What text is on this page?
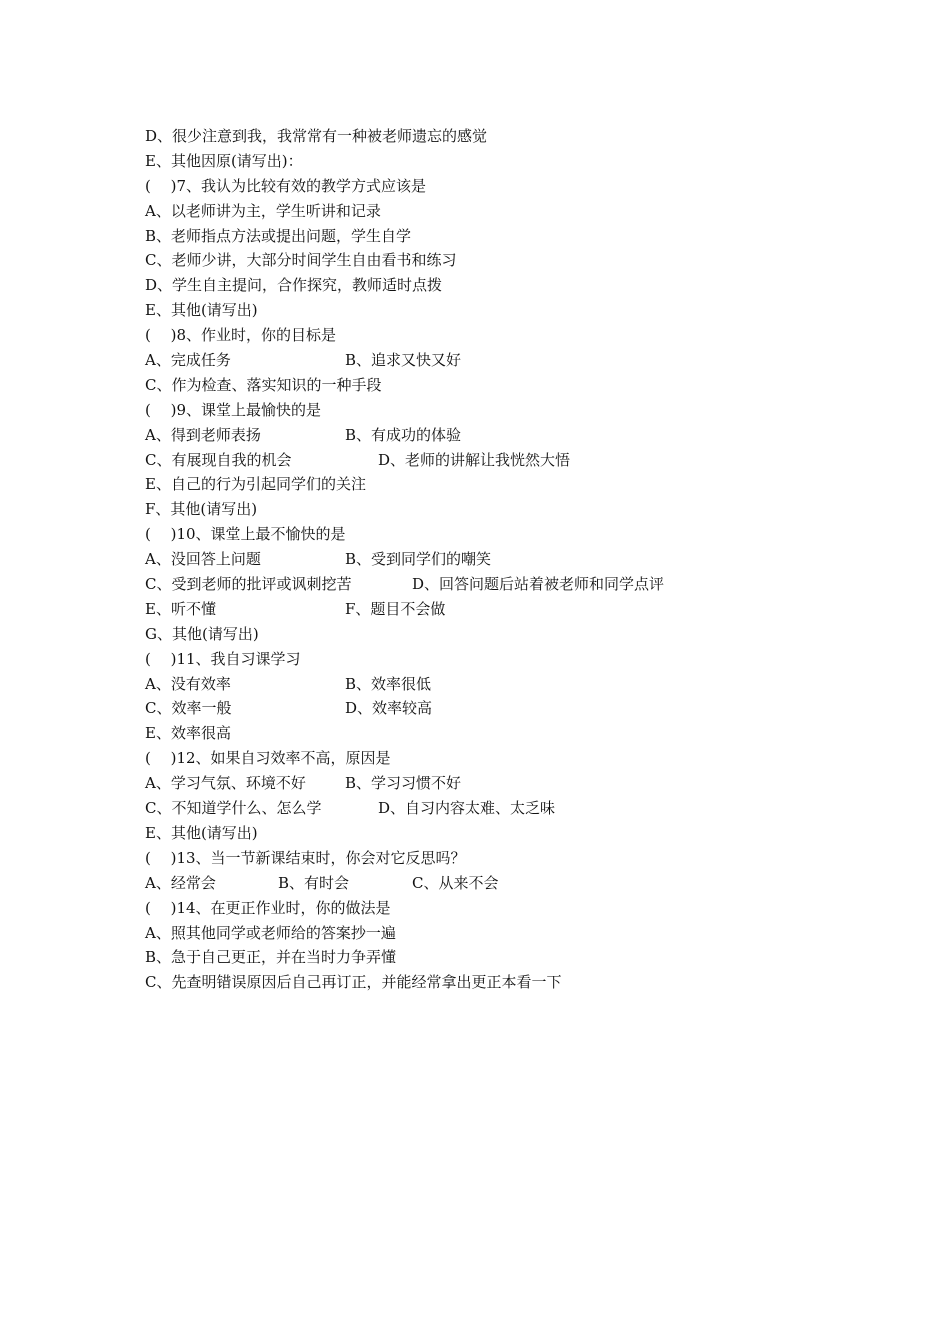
D、很少注意到我，我常常有一种被老师遗忘的感觉
E、其他因原(请写出)：
(　 )7、我认为比较有效的教学方式应该是
A、以老师讲为主，学生听讲和记录
B、老师指点方法或提出问题，学生自学
C、老师少讲，大部分时间学生自由看书和练习
D、学生自主提问，合作探究，教师适时点拨
E、其他(请写出)
(　 )8、作业时，你的目标是
A、完成任务	B、追求又快又好
C、作为检查、落实知识的一种手段
(　 )9、课堂上最愉快的是
A、得到老师表扬	B、有成功的体验
C、有展现自我的机会	D、老师的讲解让我恍然大悟
E、自己的行为引起同学们的关注
F、其他(请写出)
(　 )10、课堂上最不愉快的是
A、没回答上问题	B、受到同学们的嘲笑
C、受到老师的批评或讽刺挖苦	D、回答问题后站着被老师和同学点评
E、听不懂	F、题目不会做
G、其他(请写出)
(　 )11、我自习课学习
A、没有效率	B、效率很低
C、效率一般	D、效率较高
E、效率很高
(　 )12、如果自习效率不高，原因是
A、学习气氛、环境不好	B、学习习惯不好
C、不知道学什么、怎么学	D、自习内容太难、太乏味
E、其他(请写出)
(　 )13、当一节新课结束时，你会对它反思吗？
A、经常会	B、有时会	C、从来不会
(　 )14、在更正作业时，你的做法是
A、照其他同学或老师给的答案抄一遍
B、急于自己更正，并在当时力争弄懂
C、先查明错误原因后自己再订正，并能经常拿出更正本看一下
